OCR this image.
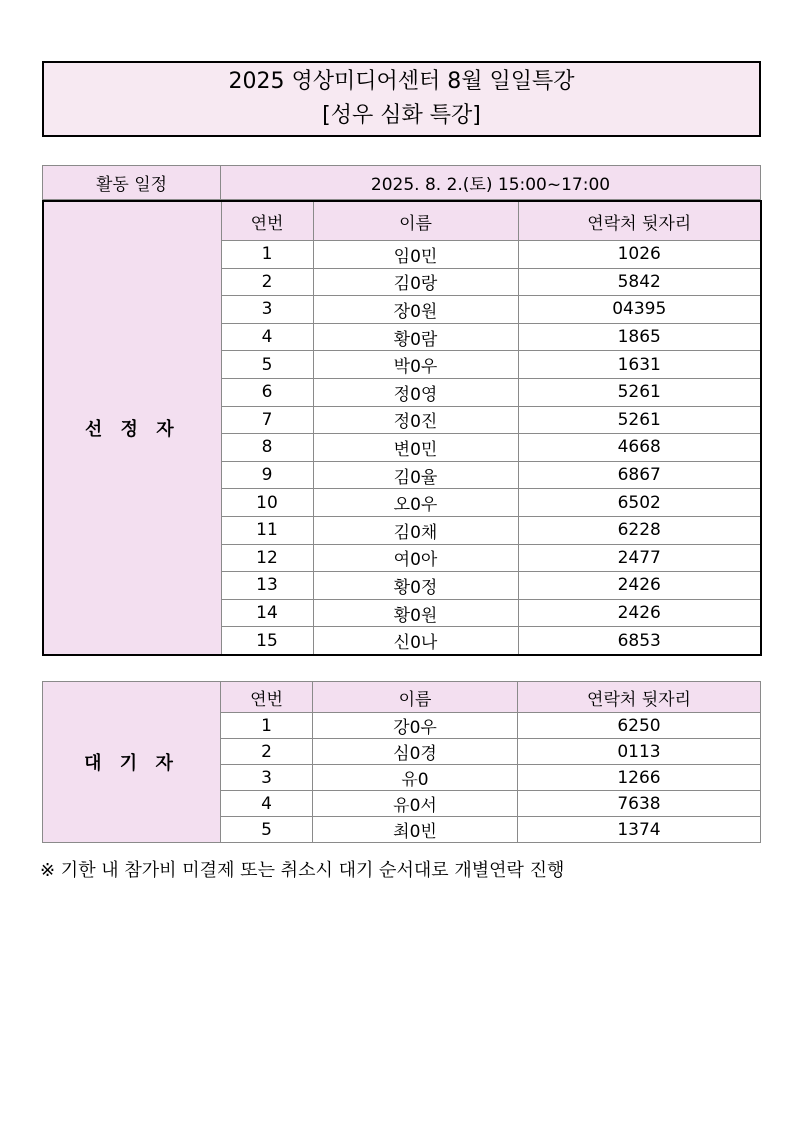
2025 영상미디어센터 8월 일일특강
[성우 심화 특강]
활동 일정	2025. 8. 2.(토) 15:00~17:00
선 정 자	연번	이름	연락처 뒷자리
	1	임0민	1026
	2	김0랑	5842
	3	장0원	04395
	4	황0람	1865
	5	박0우	1631
	6	정0영	5261
	7	정0진	5261
	8	변0민	4668
	9	김0율	6867
	10	오0우	6502
	11	김0채	6228
	12	여0아	2477
	13	황0정	2426
	14	황0원	2426
	15	신0나	6853
대 기 자	연번	이름	연락처 뒷자리
	1	강0우	6250
	2	심0경	0113
	3	유0	1266
	4	유0서	7638
	5	최0빈	1374
※ 기한 내 참가비 미결제 또는 취소시 대기 순서대로 개별연락 진행
